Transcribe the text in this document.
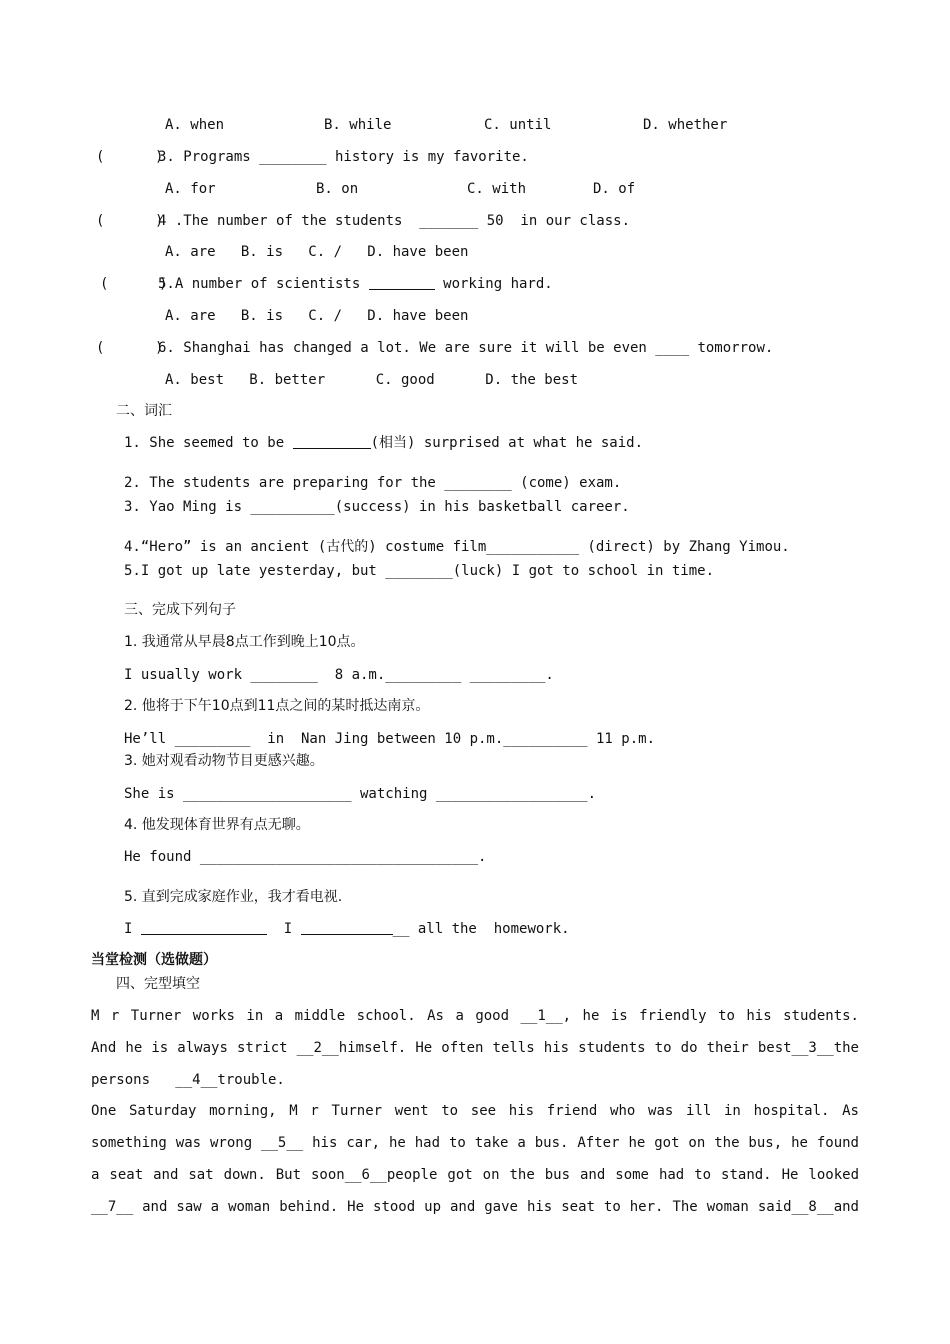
A. when	B. while	C. until	D. whether
(      )
3. Programs ________ history is my favorite.
A. for	B. on	C. with	D. of
(      )
4 .The number of the students  _______ 50  in our class.
A. are   B. is   C. /   D. have been
(      )
5.A number of scientists	working hard.
A. are   B. is   C. /   D. have been
(      )
6. Shanghai has changed a lot. We are sure it will be even ____ tomorrow.
A. best   B. better      C. good      D. the best
二、词汇
1. She seemed to be	(相当) surprised at what he said.
2. The students are preparing for the ________ (come) exam.
3. Yao Ming is __________(success) in his basketball career.
4.“Hero” is an ancient (古代的) costume film___________ (direct) by Zhang Yimou.
5.I got up late yesterday, but ________(luck) I got to school in time.
三、完成下列句子
1. 我通常从早晨8点工作到晚上10点。
I usually work ________  8 a.m._________ _________.
2. 他将于下午10点到11点之间的某时抵达南京。
He’ll _________  in  Nan Jing between 10 p.m.__________ 11 p.m.
3. 她对观看动物节目更感兴趣。
She is ____________________ watching __________________.
4. 他发现体育世界有点无聊。
He found _________________________________.
5. 直到完成家庭作业，我才看电视.
I	I	__ all the  homework.
当堂检测（选做题）
四、完型填空
M r Turner works in a middle school. As a good __1__, he is friendly to his students.
And he is always strict __2__himself. He often tells his students to do their best__3__the
persons   __4__trouble.
One Saturday morning, M r Turner went to see his friend who was ill in hospital. As
something was wrong __5__ his car, he had to take a bus. After he got on the bus, he found
a seat and sat down. But soon__6__people got on the bus and some had to stand. He looked
__7__ and saw a woman behind. He stood up and gave his seat to her. The woman said__8__and
